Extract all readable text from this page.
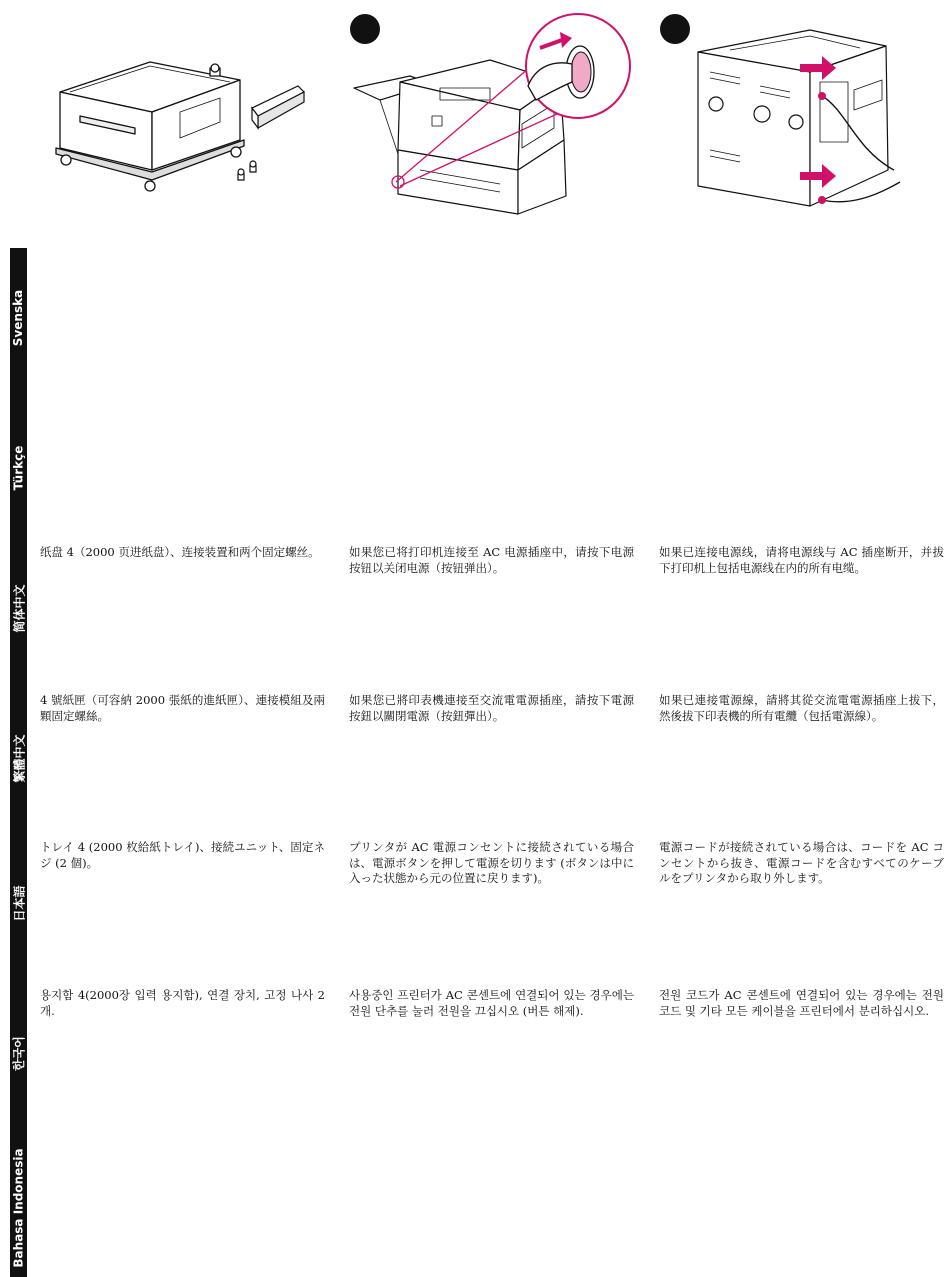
Svenska
Türkçe
简体中文
繁體中文
日本語
한국어
Bahasa Indonesia
纸盘 4（2000 页进纸盘）、连接装置和两个固定螺丝。	如果您已将打印机连接至 AC 电源插座中，请按下电源按钮以关闭电源（按钮弹出）。
如果已连接电源线，请将电源线与 AC 插座断开，并拔下打印机上包括电源线在内的所有电缆。
4 號紙匣（可容納 2000 張紙的進紙匣）、連接模組及兩顆固定螺絲。
如果您已將印表機連接至交流電電源插座，請按下電源按鈕以關閉電源（按鈕彈出）。
如果已連接電源線，請將其從交流電電源插座上拔下，然後拔下印表機的所有電纜（包括電源線）。
トレイ 4 (2000 枚給紙トレイ)、接続ユニット、固定ネジ (2 個)。
プリンタが AC 電源コンセントに接続されている場合は、電源ボタンを押して電源を切ります (ボタンは中に入った状態から元の位置に戻ります)。
電源コードが接続されている場合は、コードを AC コンセントから抜き、電源コードを含むすべてのケーブルをプリンタから取り外します。
용지함 4(2000장 입력 용지함), 연결 장치, 고정 나사 2개.
사용중인 프린터가 AC 콘센트에 연결되어 있는 경우에는 전원 단추를 눌러 전원을 끄십시오 (버튼 해제).
전원 코드가 AC 콘센트에 연결되어 있는 경우에는 전원 코드 및 기타 모든 케이블을 프린터에서 분리하십시오.
